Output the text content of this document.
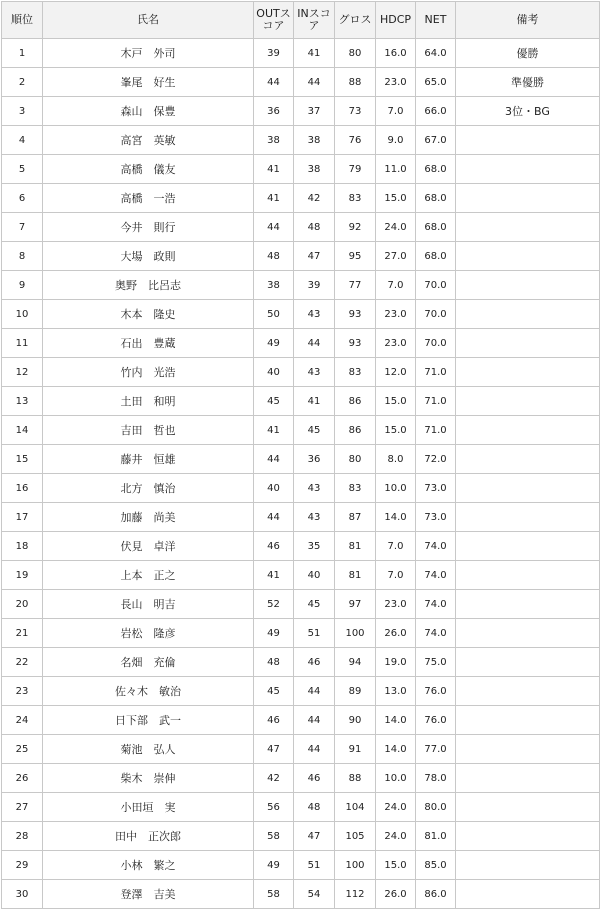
順位	氏名	OUTスコア	INスコア	グロス	HDCP	NET	備考
1	木戸　外司	39	41	80	16.0	64.0	優勝
2	峯尾　好生	44	44	88	23.0	65.0	準優勝
3	森山　保豊	36	37	73	7.0	66.0	3位・BG
4	高宮　英敏	38	38	76	9.0	67.0	
5	高橋　儀友	41	38	79	11.0	68.0	
6	高橋　一浩	41	42	83	15.0	68.0	
7	今井　則行	44	48	92	24.0	68.0	
8	大場　政則	48	47	95	27.0	68.0	
9	奥野　比呂志	38	39	77	7.0	70.0	
10	木本　隆史	50	43	93	23.0	70.0	
11	石出　豊蔵	49	44	93	23.0	70.0	
12	竹内　光浩	40	43	83	12.0	71.0	
13	土田　和明	45	41	86	15.0	71.0	
14	吉田　哲也	41	45	86	15.0	71.0	
15	藤井　恒雄	44	36	80	8.0	72.0	
16	北方　慎治	40	43	83	10.0	73.0	
17	加藤　尚美	44	43	87	14.0	73.0	
18	伏見　卓洋	46	35	81	7.0	74.0	
19	上本　正之	41	40	81	7.0	74.0	
20	長山　明吉	52	45	97	23.0	74.0	
21	岩松　隆彦	49	51	100	26.0	74.0	
22	名畑　充倫	48	46	94	19.0	75.0	
23	佐々木　敏治	45	44	89	13.0	76.0	
24	日下部　武一	46	44	90	14.0	76.0	
25	菊池　弘人	47	44	91	14.0	77.0	
26	柴木　崇伸	42	46	88	10.0	78.0	
27	小田垣　実	56	48	104	24.0	80.0	
28	田中　正次郎	58	47	105	24.0	81.0	
29	小林　繁之	49	51	100	15.0	85.0	
30	登澤　吉美	58	54	112	26.0	86.0	
